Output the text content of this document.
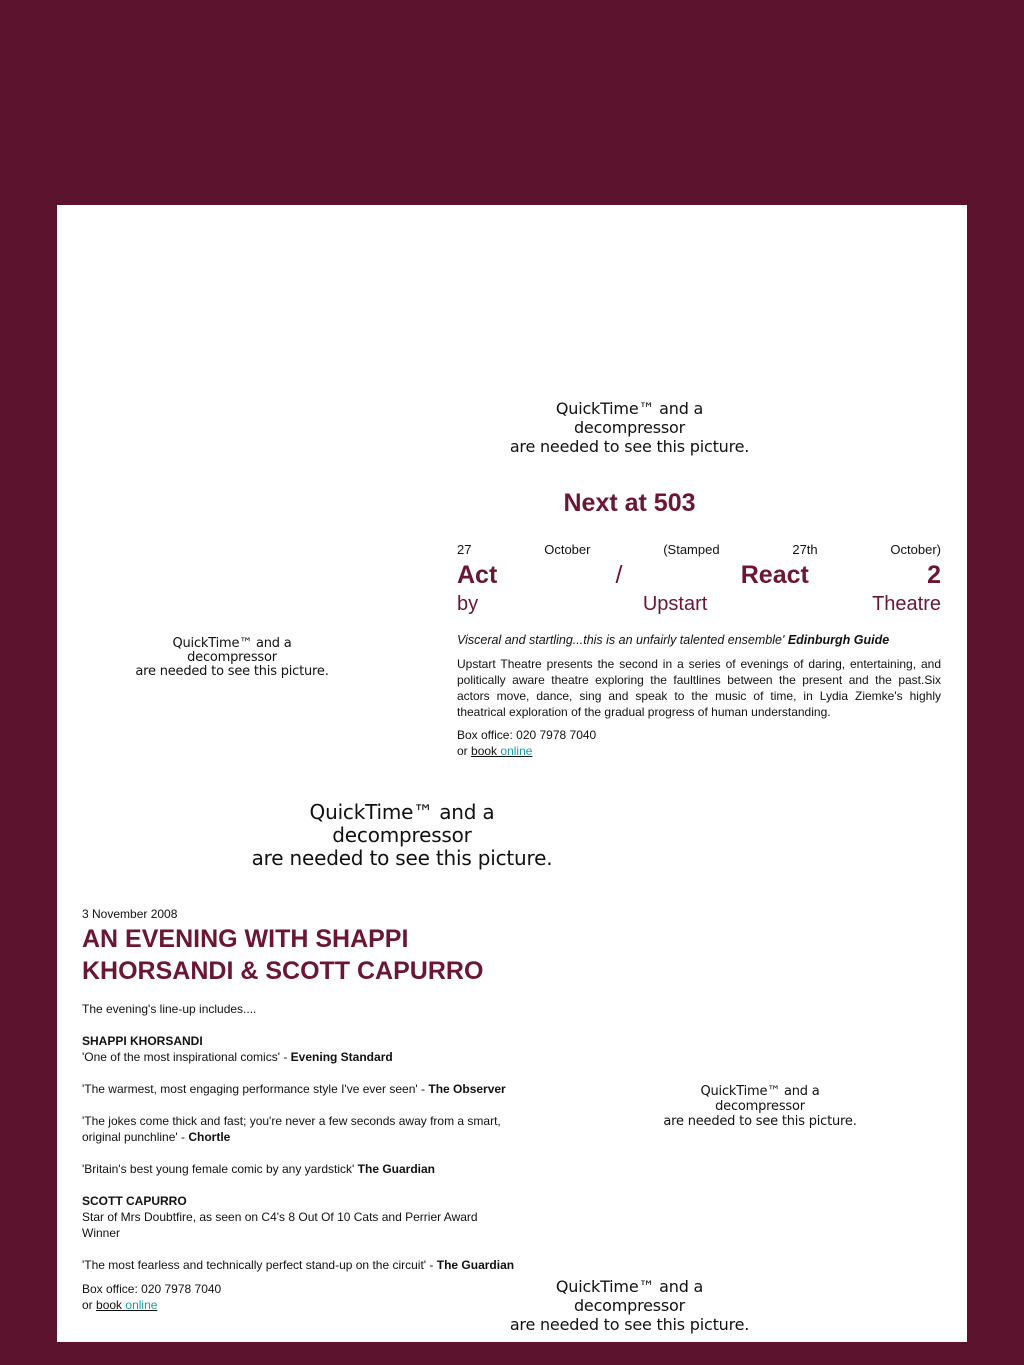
QuickTime™ and a
decompressor
are needed to see this picture.
Next at 503
QuickTime™ and a
decompressor
are needed to see this picture.
27	October	(Stamped	27th	October)
Act	/	React	2
by	Upstart	Theatre
Visceral and startling...this is an unfairly talented ensemble' Edinburgh Guide
Upstart Theatre presents the second in a series of evenings of daring, entertaining, and politically aware theatre exploring the faultlines between the present and the past.Six actors move, dance, sing and speak to the music of time, in Lydia Ziemke's highly theatrical exploration of the gradual progress of human understanding.
Box office: 020 7978 7040
or book online
QuickTime™ and a
decompressor
are needed to see this picture.
3 November 2008
AN EVENING WITH SHAPPI
KHORSANDI & SCOTT CAPURRO
The evening's line-up includes....
SHAPPI KHORSANDI
'One of the most inspirational comics' - Evening Standard
'The warmest, most engaging performance style I've ever seen' - The Observer
'The jokes come thick and fast; you're never a few seconds away from a smart,
original punchline' - Chortle
'Britain's best young female comic by any yardstick' The Guardian
SCOTT CAPURRO
Star of Mrs Doubtfire, as seen on C4's 8 Out Of 10 Cats and Perrier Award
Winner
'The most fearless and technically perfect stand-up on the circuit' - The Guardian
Box office: 020 7978 7040
or book online
QuickTime™ and a
decompressor
are needed to see this picture.
QuickTime™ and a
decompressor
are needed to see this picture.
